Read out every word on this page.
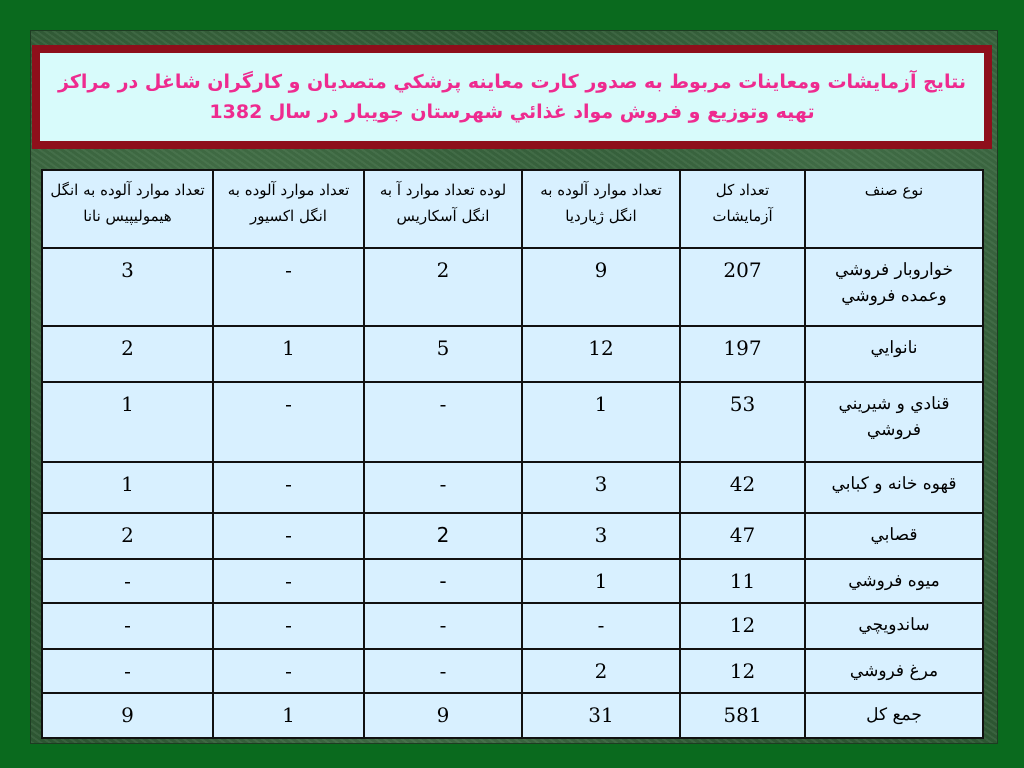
نتايج آزمايشات ومعاينات مربوط به صدور كارت معاينه پزشكي متصديان و كارگران شاغل در مراكز
تهيه وتوزيع و فروش مواد غذائي شهرستان جويبار در سال 1382
نوع صنف	تعداد كل آزمايشات	تعداد موارد آلوده به انگل ژياردیا	لوده تعداد موارد آ به انگل آسكاريس	تعداد موارد آلوده به انگل اكسيور	تعداد موارد آلوده به انگل هيموليپيس نانا
خواروبار فروشي وعمده فروشي	207	9	2	-	3
نانوايي	197	12	5	1	2
قنادي و شيريني فروشي	53	1	-	-	1
قهوه خانه و كبابي	42	3	-	-	1
قصابي	47	3	2	-	2
ميوه فروشي	11	1	-	-	-
ساندويچي	12	-	-	-	-
مرغ فروشي	12	2	-	-	-
جمع كل	581	31	9	1	9
